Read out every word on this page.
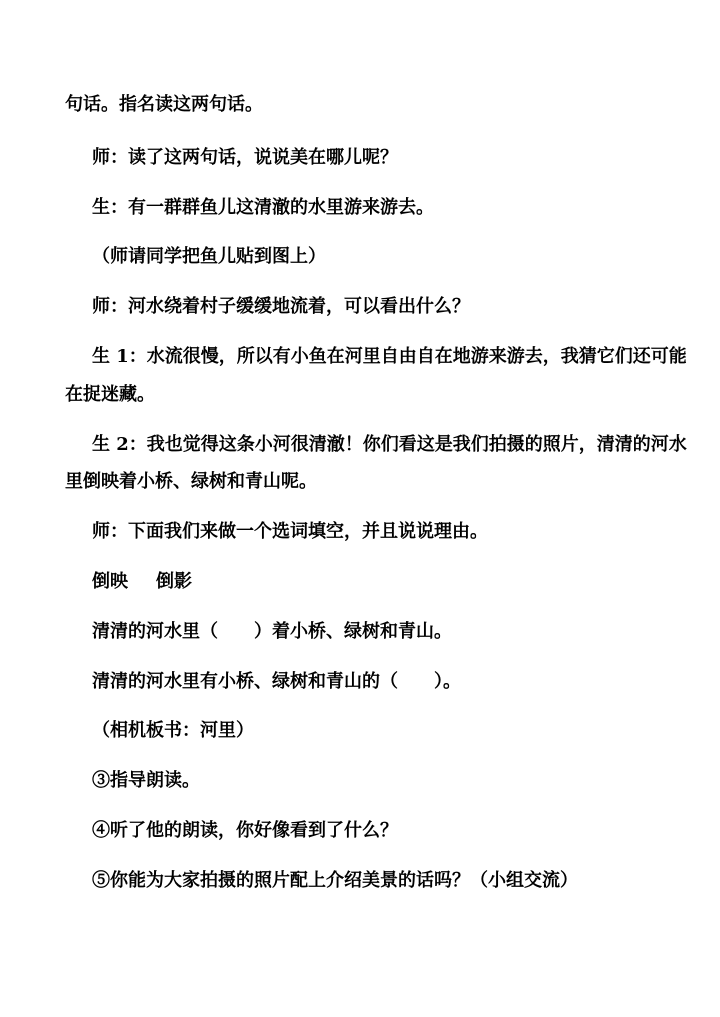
句话。指名读这两句话。
师：读了这两句话，说说美在哪儿呢？
生：有一群群鱼儿这清澈的水里游来游去。
（师请同学把鱼儿贴到图上）
师：河水绕着村子缓缓地流着，可以看出什么？
生 1：水流很慢，所以有小鱼在河里自由自在地游来游去，我猜它们还可能
在捉迷藏。
生 2：我也觉得这条小河很清澈！你们看这是我们拍摄的照片，清清的河水
里倒映着小桥、绿树和青山呢。
师：下面我们来做一个选词填空，并且说说理由。
倒映 倒影
清清的河水里（　　）着小桥、绿树和青山。
清清的河水里有小桥、绿树和青山的（　　）。
（相机板书：河里）
③指导朗读。
④听了他的朗读，你好像看到了什么？
⑤你能为大家拍摄的照片配上介绍美景的话吗？（小组交流）
